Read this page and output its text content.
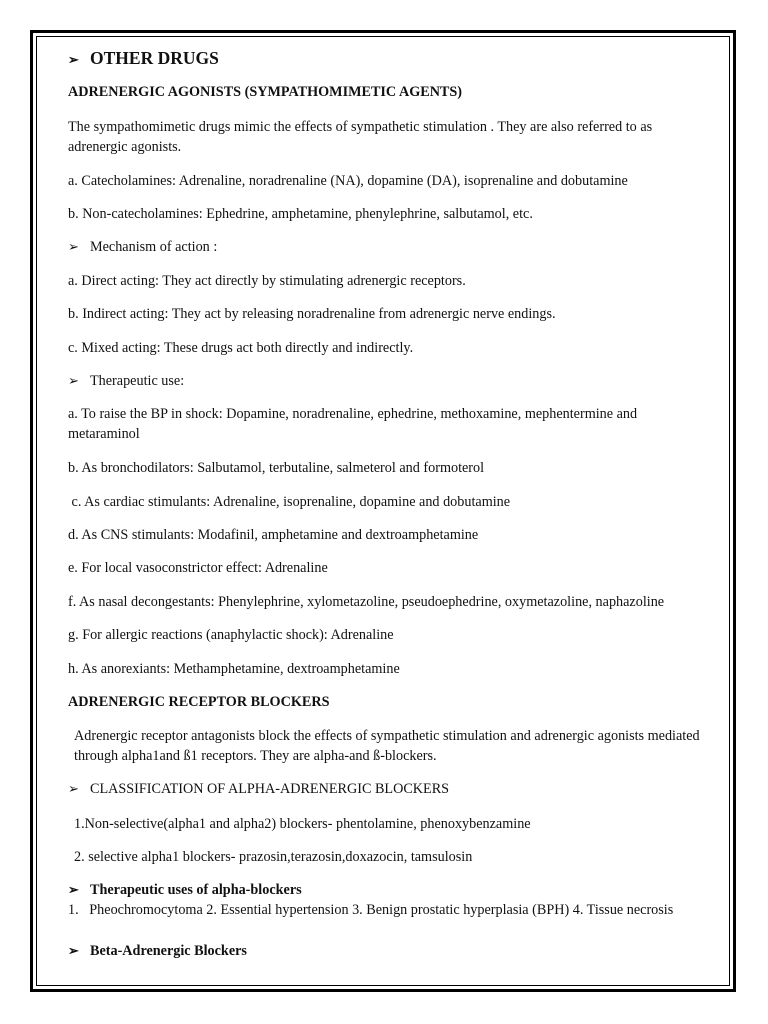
➢ OTHER DRUGS
ADRENERGIC AGONISTS (SYMPATHOMIMETIC AGENTS)
The sympathomimetic drugs mimic the effects of sympathetic stimulation . They are also referred to as adrenergic agonists.
a. Catecholamines: Adrenaline, noradrenaline (NA), dopamine (DA), isoprenaline and dobutamine
b. Non-catecholamines: Ephedrine, amphetamine, phenylephrine, salbutamol, etc.
➢ Mechanism of action :
a. Direct acting: They act directly by stimulating adrenergic receptors.
b. Indirect acting: They act by releasing noradrenaline from adrenergic nerve endings.
c. Mixed acting: These drugs act both directly and indirectly.
➢ Therapeutic use:
a. To raise the BP in shock: Dopamine, noradrenaline, ephedrine, methoxamine, mephentermine and metaraminol
b. As bronchodilators: Salbutamol, terbutaline, salmeterol and formoterol
c. As cardiac stimulants: Adrenaline, isoprenaline, dopamine and dobutamine
d. As CNS stimulants: Modafinil, amphetamine and dextroamphetamine
e. For local vasoconstrictor effect: Adrenaline
f. As nasal decongestants: Phenylephrine, xylometazoline, pseudoephedrine, oxymetazoline, naphazoline
g. For allergic reactions (anaphylactic shock): Adrenaline
h. As anorexiants: Methamphetamine, dextroamphetamine
ADRENERGIC RECEPTOR BLOCKERS
Adrenergic receptor antagonists block the effects of sympathetic stimulation and adrenergic agonists mediated through alpha1and ß1 receptors. They are alpha-and ß-blockers.
➢ CLASSIFICATION OF ALPHA-ADRENERGIC BLOCKERS
1.Non-selective(alpha1 and alpha2) blockers- phentolamine, phenoxybenzamine
2. selective alpha1 blockers- prazosin,terazosin,doxazocin, tamsulosin
➢ Therapeutic uses of alpha-blockers
1.   Pheochromocytoma 2. Essential hypertension 3. Benign prostatic hyperplasia (BPH) 4. Tissue necrosis
➢ Beta-Adrenergic Blockers
